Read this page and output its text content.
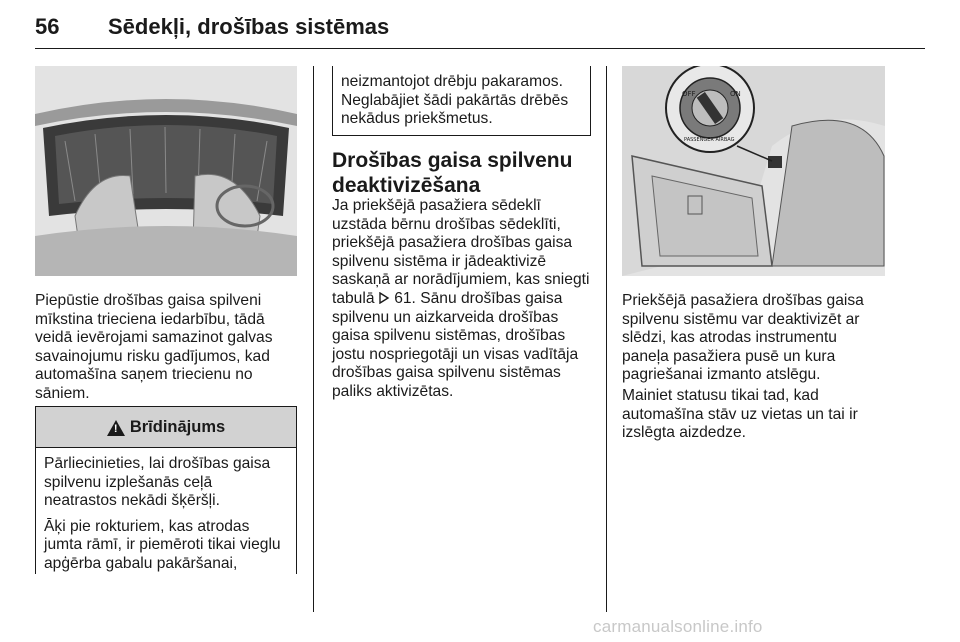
56 Sēdekļi, drošības sistēmas

Piepūstie drošības gaisa spilveni

mīkstina trieciena iedarbību, tādā

veidā ievērojami samazinot galvas

savainojumu risku gadījumos, kad

automašīna saņem triecienu no

sāniem.

!
Brīdinājums

Pārliecinieties, lai drošības gaisa
spilvenu izplešanās ceļā
neatrastos nekādi šķēršļi.

Āķi pie rokturiem, kas atrodas
jumta rāmī, ir piemēroti tikai vieglu
apģērba gabalu pakāršanai,

neizmantojot drēbju pakaramos.

Neglabājiet šādi pakārtās drēbēs

nekādus priekšmetus.

Drošības gaisa spilvenu

deaktivizēšana

Ja priekšējā pasažiera sēdeklī

uzstāda bērnu drošības sēdeklīti,

priekšējā pasažiera drošības gaisa

spilvenu sistēma ir jādeaktivizē

saskaņā ar norādījumiem, kas sniegti

tabulā 61. Sānu drošības gaisa

spilvenu un aizkarveida drošības

gaisa spilvenu sistēmas, drošības

jostu nospriegotāji un visas vadītāja

drošības gaisa spilvenu sistēmas

paliks aktivizētas.

OFF	ON
PASSENGER AIRBAG

Priekšējā pasažiera drošības gaisa

spilvenu sistēmu var deaktivizēt ar

slēdzi, kas atrodas instrumentu

paneļa pasažiera pusē un kura

pagriešanai izmanto atslēgu.

Mainiet statusu tikai tad, kad

automašīna stāv uz vietas un tai ir

izslēgta aizdedze.

carmanualsonline.info
